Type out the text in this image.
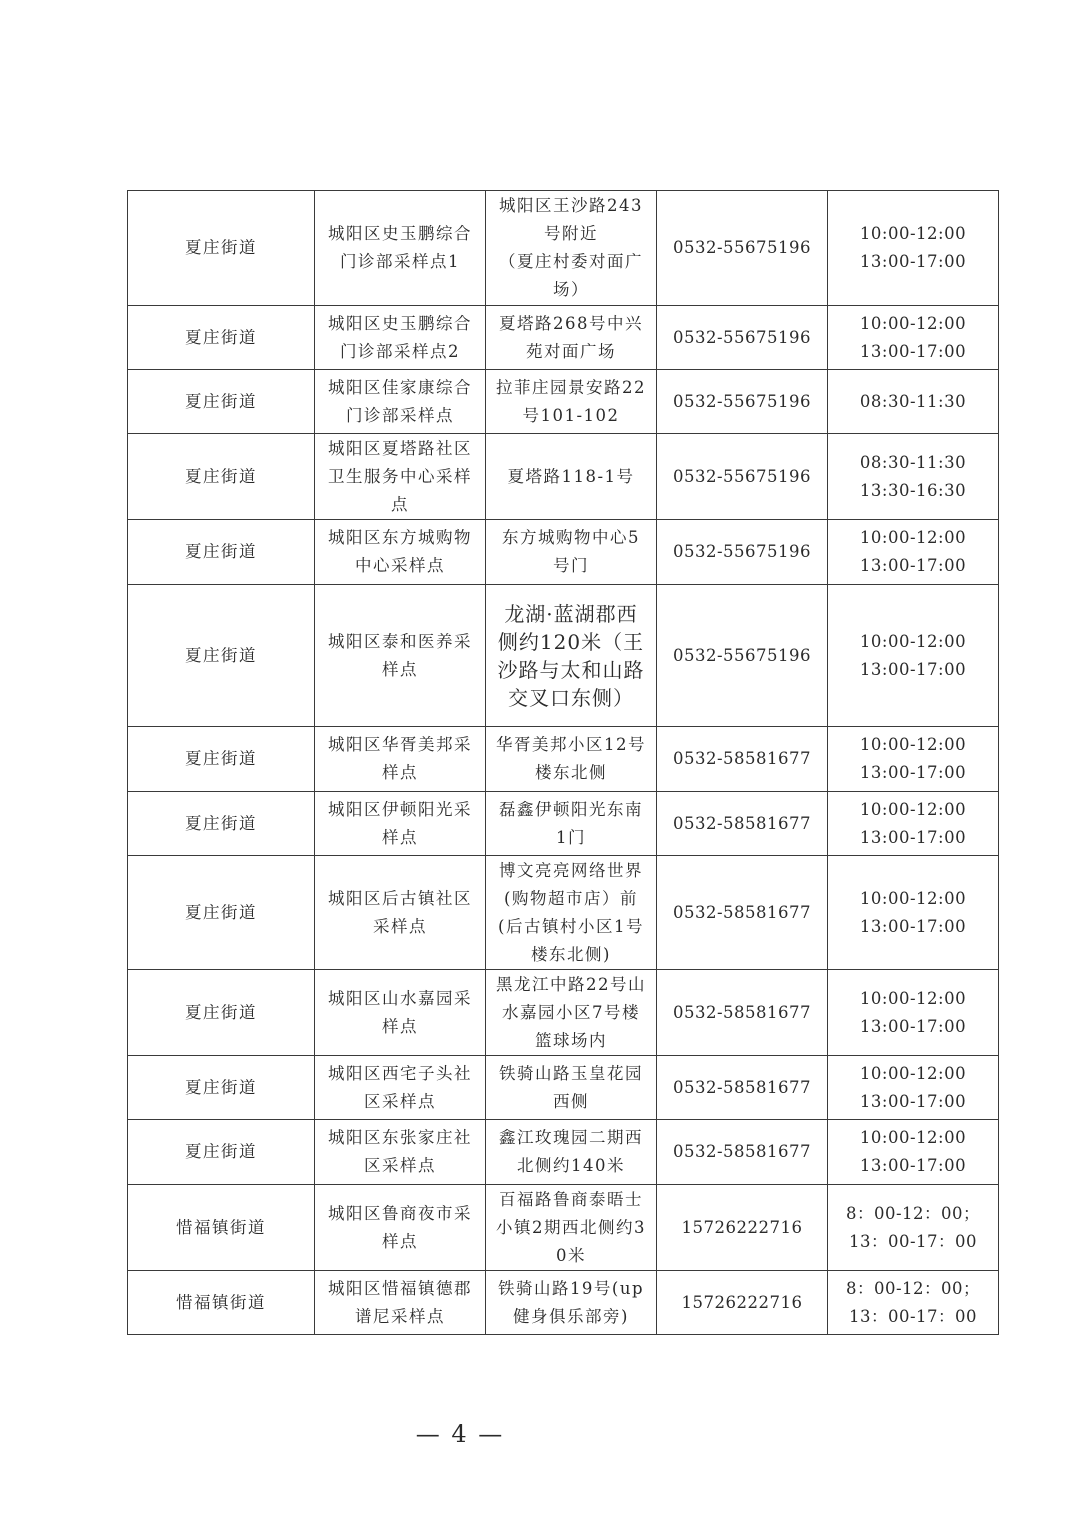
夏庄街道	城阳区史玉鹏综合门诊部采样点1	城阳区王沙路243号附近
（夏庄村委对面广场）	0532-55675196	10:00-12:00
13:00-17:00
夏庄街道	城阳区史玉鹏综合门诊部采样点2	夏塔路268号中兴苑对面广场	0532-55675196	10:00-12:00
13:00-17:00
夏庄街道	城阳区佳家康综合门诊部采样点	拉菲庄园景安路22号101-102	0532-55675196	08:30-11:30
夏庄街道	城阳区夏塔路社区卫生服务中心采样点	夏塔路118-1号	0532-55675196	08:30-11:30
13:30-16:30
夏庄街道	城阳区东方城购物中心采样点	东方城购物中心5号门	0532-55675196	10:00-12:00
13:00-17:00
夏庄街道	城阳区泰和医养采样点	龙湖·蓝湖郡西侧约120米（王沙路与太和山路交叉口东侧）	0532-55675196	10:00-12:00
13:00-17:00
夏庄街道	城阳区华胥美邦采样点	华胥美邦小区12号楼东北侧	0532-58581677	10:00-12:00
13:00-17:00
夏庄街道	城阳区伊顿阳光采样点	磊鑫伊顿阳光东南1门	0532-58581677	10:00-12:00
13:00-17:00
夏庄街道	城阳区后古镇社区采样点	博文亮亮网络世界(购物超市店）前
(后古镇村小区1号楼东北侧)	0532-58581677	10:00-12:00
13:00-17:00
夏庄街道	城阳区山水嘉园采样点	黑龙江中路22号山水嘉园小区7号楼篮球场内	0532-58581677	10:00-12:00
13:00-17:00
夏庄街道	城阳区西宅子头社区采样点	铁骑山路玉皇花园西侧	0532-58581677	10:00-12:00
13:00-17:00
夏庄街道	城阳区东张家庄社区采样点	鑫江玫瑰园二期西北侧约140米	0532-58581677	10:00-12:00
13:00-17:00
惜福镇街道	城阳区鲁商夜市采样点	百福路鲁商泰晤士小镇2期西北侧约30米	15726222716	8：00-12：00；
13：00-17：00
惜福镇街道	城阳区惜福镇德郡谱尼采样点	铁骑山路19号(up健身俱乐部旁)	15726222716	8：00-12：00；
13：00-17：00
— 4 —
